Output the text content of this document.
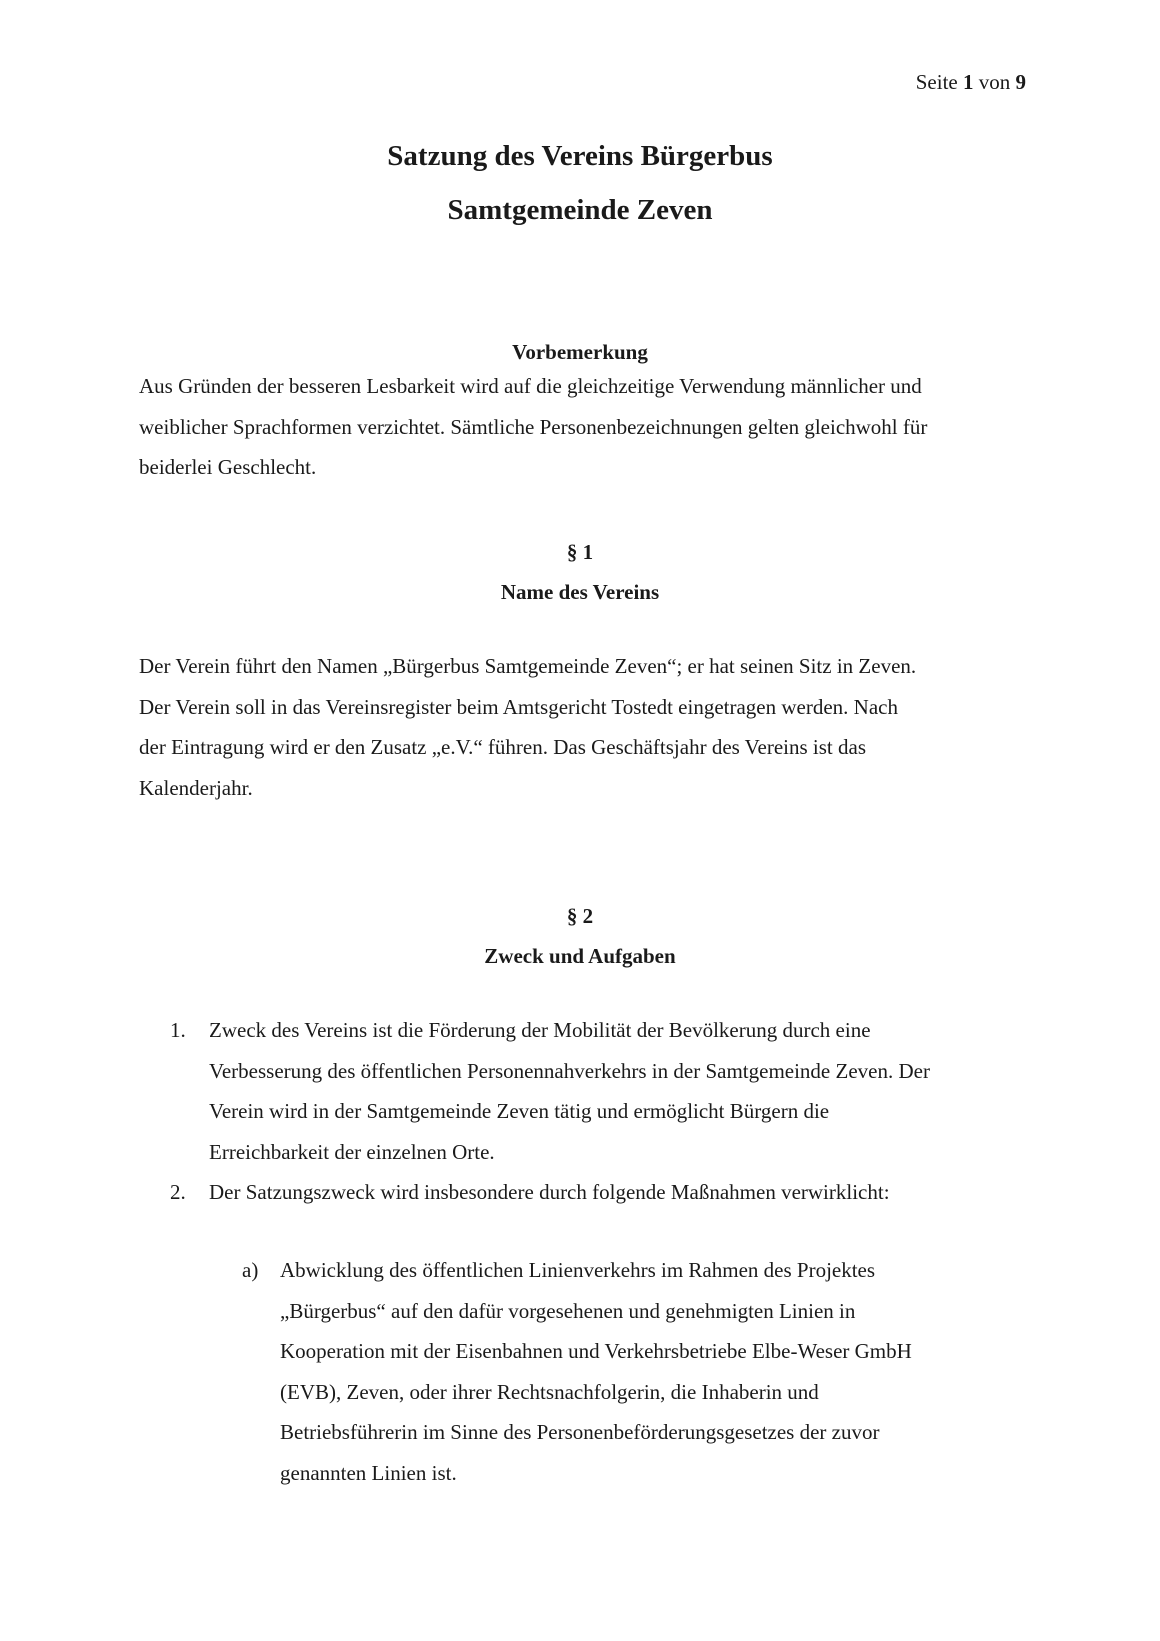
Seite 1 von 9
Satzung des Vereins Bürgerbus
Samtgemeinde Zeven
Vorbemerkung
Aus Gründen der besseren Lesbarkeit wird auf die gleichzeitige Verwendung männlicher und
weiblicher Sprachformen verzichtet. Sämtliche Personenbezeichnungen gelten gleichwohl für
beiderlei Geschlecht.
§ 1
Name des Vereins
Der Verein führt den Namen „Bürgerbus Samtgemeinde Zeven“; er hat seinen Sitz in Zeven.
Der Verein soll in das Vereinsregister beim Amtsgericht Tostedt eingetragen werden. Nach
der Eintragung wird er den Zusatz „e.V.“ führen. Das Geschäftsjahr des Vereins ist das
Kalenderjahr.
§ 2
Zweck und Aufgaben
1.	Zweck des Vereins ist die Förderung der Mobilität der Bevölkerung durch eine
Verbesserung des öffentlichen Personennahverkehrs in der Samtgemeinde Zeven. Der
Verein wird in der Samtgemeinde Zeven tätig und ermöglicht Bürgern die
Erreichbarkeit der einzelnen Orte.
2.	Der Satzungszweck wird insbesondere durch folgende Maßnahmen verwirklicht:
a) Abwicklung des öffentlichen Linienverkehrs im Rahmen des Projektes
„Bürgerbus“ auf den dafür vorgesehenen und genehmigten Linien in
Kooperation mit der Eisenbahnen und Verkehrsbetriebe Elbe-Weser GmbH
(EVB), Zeven, oder ihrer Rechtsnachfolgerin, die Inhaberin und
Betriebsführerin im Sinne des Personenbeförderungsgesetzes der zuvor
genannten Linien ist.
